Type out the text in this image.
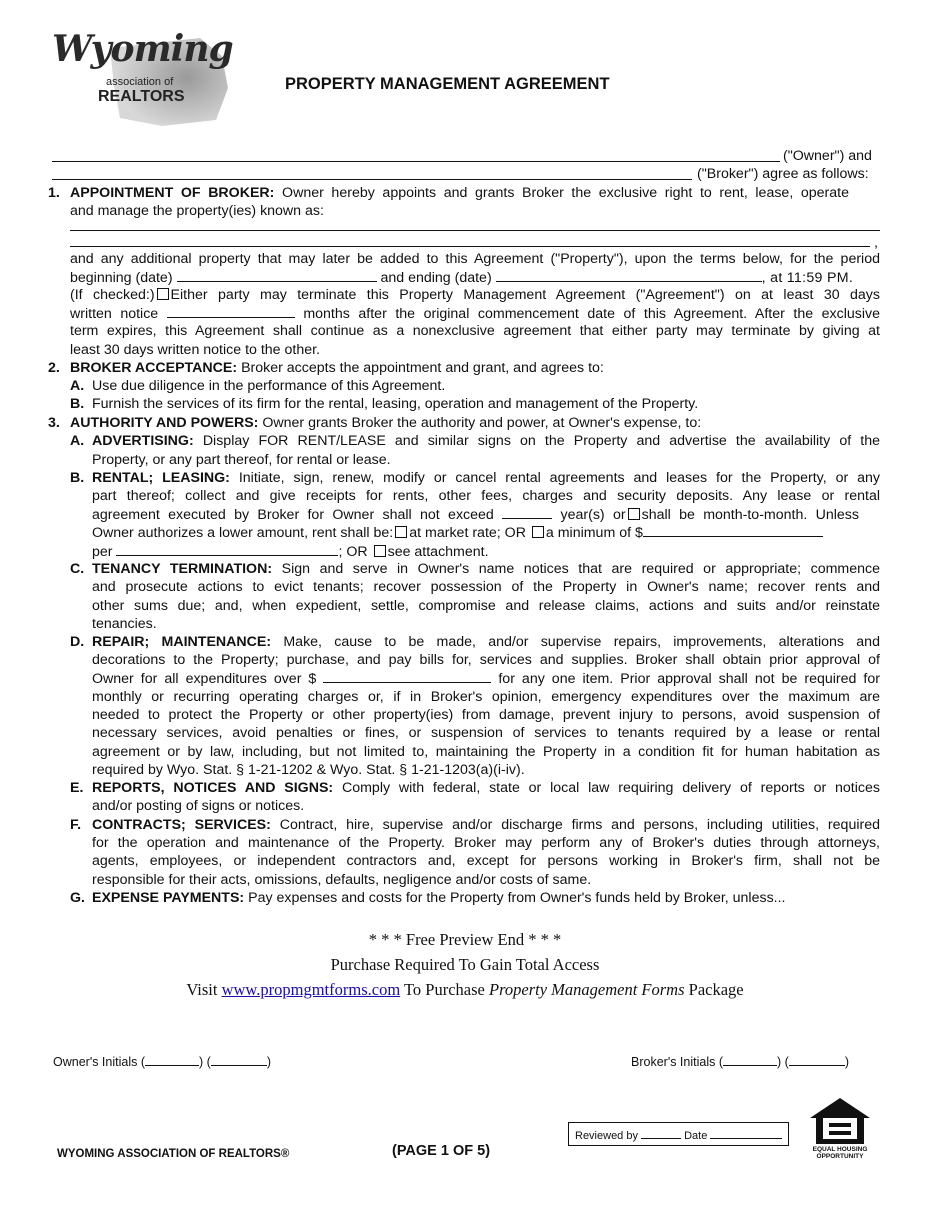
Wyoming
association of
REALTORS
PROPERTY MANAGEMENT AGREEMENT
("Owner") and
("Broker") agree as follows:
1. APPOINTMENT OF BROKER: Owner hereby appoints and grants Broker the exclusive right to rent, lease, operate
and manage the property(ies) known as:
,
and any additional property that may later be added to this Agreement ("Property"), upon the terms below, for the period
beginning (date)	and ending (date)	, at 11:59 PM.
(If checked:) Either party may terminate this Property Management Agreement ("Agreement") on at least 30 days
written notice	months after the original commencement date of this Agreement. After the exclusive
term expires, this Agreement shall continue as a nonexclusive agreement that either party may terminate by giving at
least 30 days written notice to the other.
2. BROKER ACCEPTANCE: Broker accepts the appointment and grant, and agrees to:
A. Use due diligence in the performance of this Agreement.
B. Furnish the services of its firm for the rental, leasing, operation and management of the Property.
3. AUTHORITY AND POWERS: Owner grants Broker the authority and power, at Owner's expense, to:
A. ADVERTISING: Display FOR RENT/LEASE and similar signs on the Property and advertise the availability of the
Property, or any part thereof, for rental or lease.
B. RENTAL; LEASING: Initiate, sign, renew, modify or cancel rental agreements and leases for the Property, or any
part thereof; collect and give receipts for rents, other fees, charges and security deposits. Any lease or rental
agreement executed by Broker for Owner shall not exceed	year(s) or shall be month-to-month. Unless
Owner authorizes a lower amount, rent shall be: at market rate; OR a minimum of $
per	; OR see attachment.
C. TENANCY TERMINATION: Sign and serve in Owner's name notices that are required or appropriate; commence
and prosecute actions to evict tenants; recover possession of the Property in Owner's name; recover rents and
other sums due; and, when expedient, settle, compromise and release claims, actions and suits and/or reinstate
tenancies.
D. REPAIR; MAINTENANCE: Make, cause to be made, and/or supervise repairs, improvements, alterations and
decorations to the Property; purchase, and pay bills for, services and supplies. Broker shall obtain prior approval of
Owner for all expenditures over $	for any one item. Prior approval shall not be required for
monthly or recurring operating charges or, if in Broker's opinion, emergency expenditures over the maximum are
needed to protect the Property or other property(ies) from damage, prevent injury to persons, avoid suspension of
necessary services, avoid penalties or fines, or suspension of services to tenants required by a lease or rental
agreement or by law, including, but not limited to, maintaining the Property in a condition fit for human habitation as
required by Wyo. Stat. § 1-21-1202 & Wyo. Stat. § 1-21-1203(a)(i-iv).
E. REPORTS, NOTICES AND SIGNS: Comply with federal, state or local law requiring delivery of reports or notices
and/or posting of signs or notices.
F. CONTRACTS; SERVICES: Contract, hire, supervise and/or discharge firms and persons, including utilities, required
for the operation and maintenance of the Property. Broker may perform any of Broker's duties through attorneys,
agents, employees, or independent contractors and, except for persons working in Broker's firm, shall not be
responsible for their acts, omissions, defaults, negligence and/or costs of same.
G. EXPENSE PAYMENTS: Pay expenses and costs for the Property from Owner's funds held by Broker, unless...
* * * Free Preview End * * *
Purchase Required To Gain Total Access
Visit www.propmgmtforms.com To Purchase Property Management Forms Package
Owner's Initials (	) (	)	Broker's Initials (	) (	)
Reviewed by	Date
EQUAL HOUSING OPPORTUNITY
WYOMING ASSOCIATION OF REALTORS®	(PAGE 1 OF 5)
